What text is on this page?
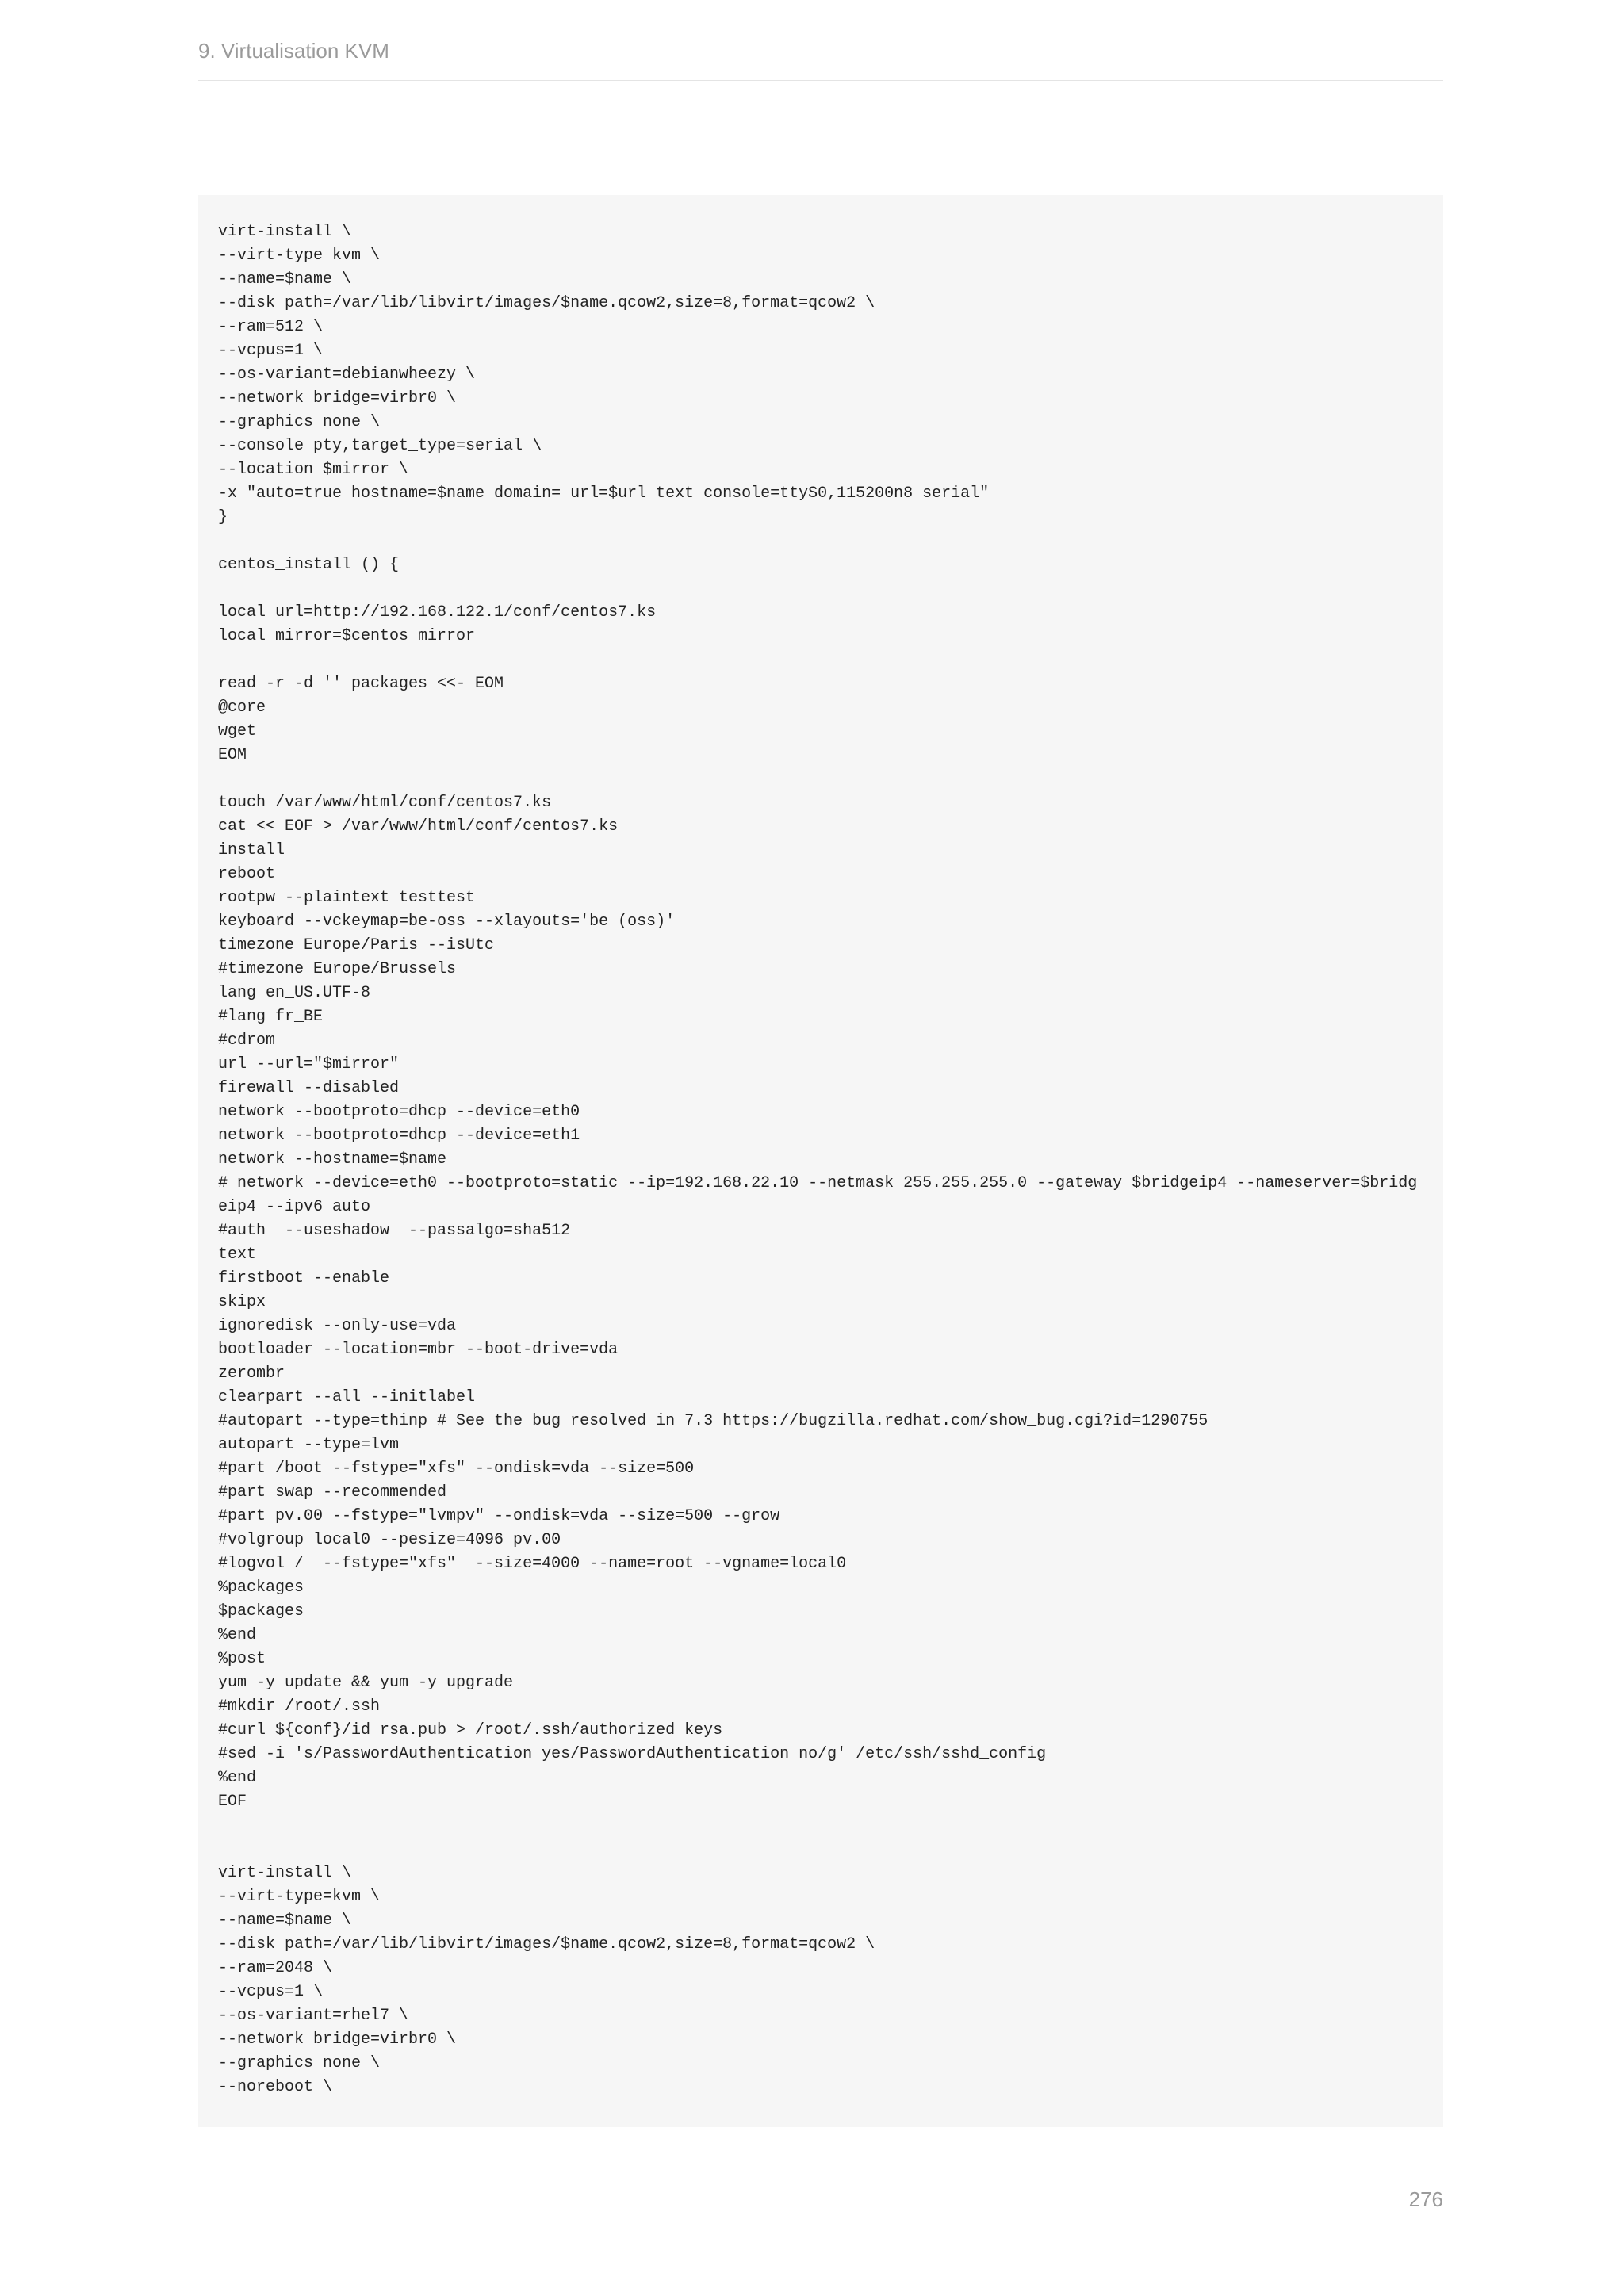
9. Virtualisation KVM
virt-install \
--virt-type kvm \
--name=$name \
--disk path=/var/lib/libvirt/images/$name.qcow2,size=8,format=qcow2 \
--ram=512 \
--vcpus=1 \
--os-variant=debianwheezy \
--network bridge=virbr0 \
--graphics none \
--console pty,target_type=serial \
--location $mirror \
-x "auto=true hostname=$name domain= url=$url text console=ttyS0,115200n8 serial"
}
centos_install () {
local url=http://192.168.122.1/conf/centos7.ks
local mirror=$centos_mirror
read -r -d '' packages <<- EOM
@core
wget
EOM
touch /var/www/html/conf/centos7.ks
cat << EOF > /var/www/html/conf/centos7.ks
install
reboot
rootpw --plaintext testtest
keyboard --vckeymap=be-oss --xlayouts='be (oss)'
timezone Europe/Paris --isUtc
#timezone Europe/Brussels
lang en_US.UTF-8
#lang fr_BE
#cdrom
url --url="$mirror"
firewall --disabled
network --bootproto=dhcp --device=eth0
network --bootproto=dhcp --device=eth1
network --hostname=$name
# network --device=eth0 --bootproto=static --ip=192.168.22.10 --netmask 255.255.255.0 --gateway $bridgeip4 --nameserver=$bridg
eip4 --ipv6 auto
#auth  --useshadow  --passalgo=sha512
text
firstboot --enable
skipx
ignoredisk --only-use=vda
bootloader --location=mbr --boot-drive=vda
zerombr
clearpart --all --initlabel
#autopart --type=thinp # See the bug resolved in 7.3 https://bugzilla.redhat.com/show_bug.cgi?id=1290755
autopart --type=lvm
#part /boot --fstype="xfs" --ondisk=vda --size=500
#part swap --recommended
#part pv.00 --fstype="lvmpv" --ondisk=vda --size=500 --grow
#volgroup local0 --pesize=4096 pv.00
#logvol /  --fstype="xfs"  --size=4000 --name=root --vgname=local0
%packages
$packages
%end
%post
yum -y update && yum -y upgrade
#mkdir /root/.ssh
#curl ${conf}/id_rsa.pub > /root/.ssh/authorized_keys
#sed -i 's/PasswordAuthentication yes/PasswordAuthentication no/g' /etc/ssh/sshd_config
%end
EOF
virt-install \
--virt-type=kvm \
--name=$name \
--disk path=/var/lib/libvirt/images/$name.qcow2,size=8,format=qcow2 \
--ram=2048 \
--vcpus=1 \
--os-variant=rhel7 \
--network bridge=virbr0 \
--graphics none \
--noreboot \
276
